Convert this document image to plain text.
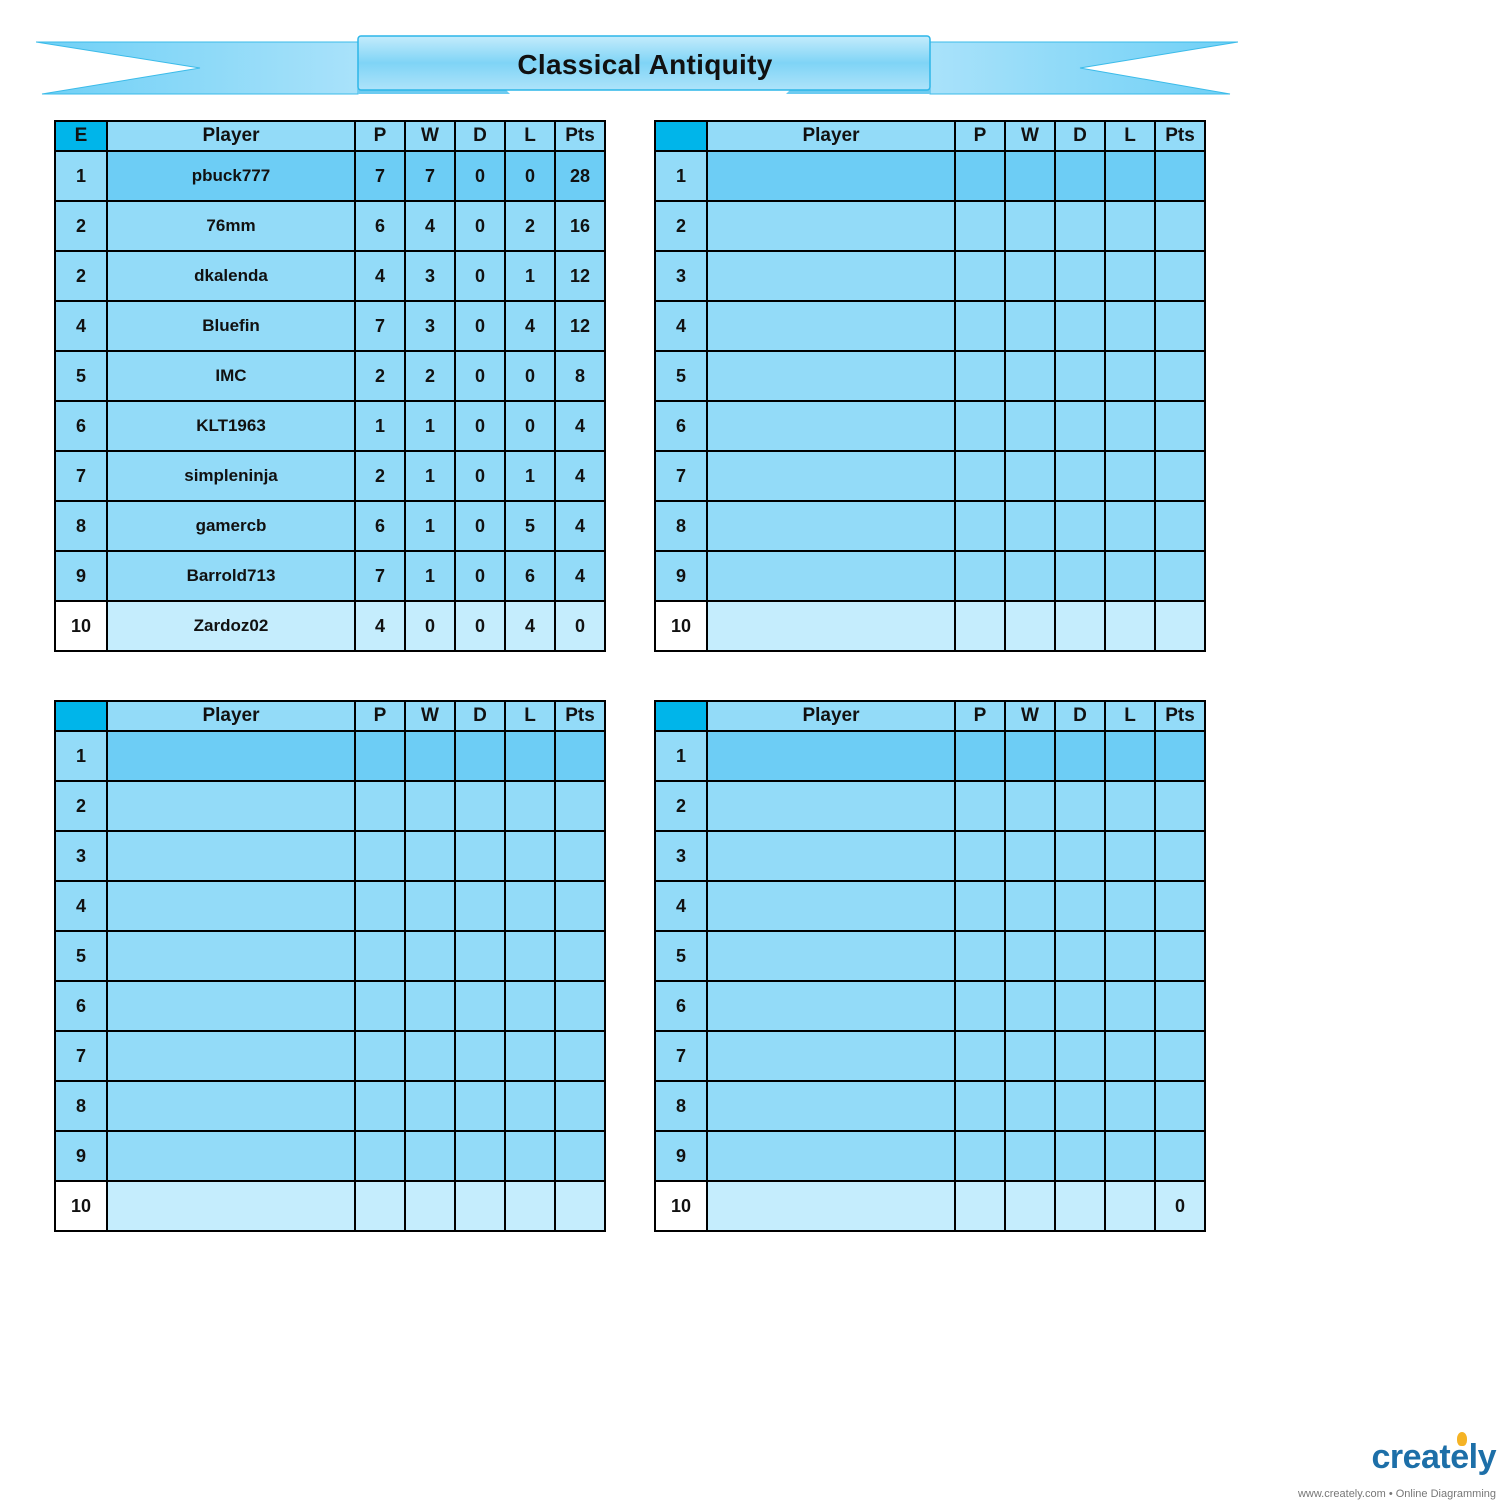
Classical Antiquity
E	Player	P	W	D	L	Pts
1	pbuck777	7	7	0	0	28
2	76mm	6	4	0	2	16
2	dkalenda	4	3	0	1	12
4	Bluefin	7	3	0	4	12
5	IMC	2	2	0	0	8
6	KLT1963	1	1	0	0	4
7	simpleninja	2	1	0	1	4
8	gamercb	6	1	0	5	4
9	Barrold713	7	1	0	6	4
10	Zardoz02	4	0	0	4	0
	Player	P	W	D	L	Pts
1						
2						
3						
4						
5						
6						
7						
8						
9						
10						
	Player	P	W	D	L	Pts
1						
2						
3						
4						
5						
6						
7						
8						
9						
10						
	Player	P	W	D	L	Pts
1						
2						
3						
4						
5						
6						
7						
8						
9						
10						0
creately
www.creately.com • Online Diagramming
